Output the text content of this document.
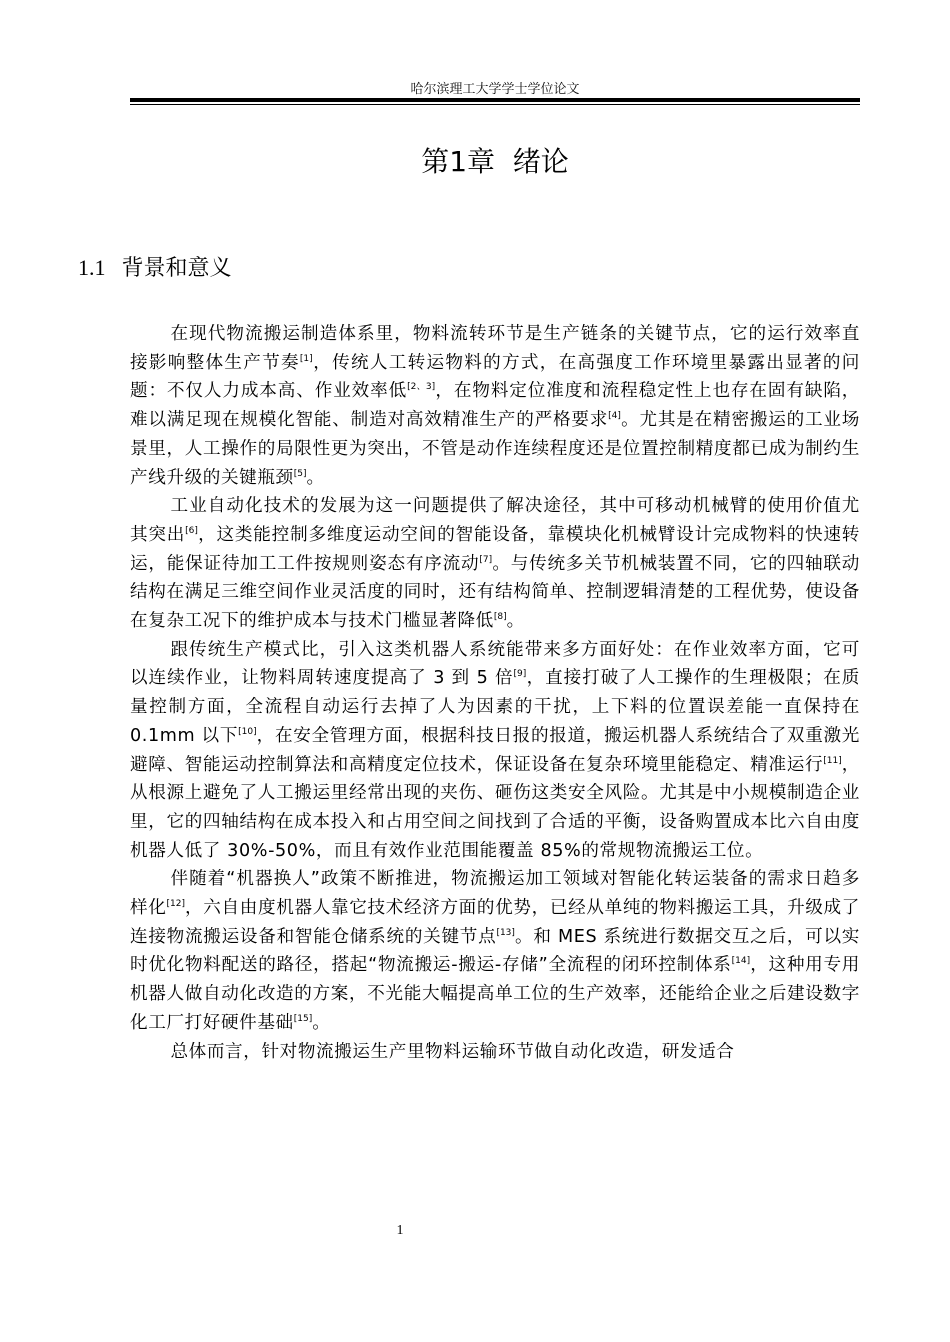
哈尔滨理工大学学士学位论文
第1章  绪论
1.1 背景和意义

在现代物流搬运制造体系里，物料流转环节是生产链条的关键节点，它的运行效率直接影响整体生产节奏[1]，传统人工转运物料的方式，在高强度工作环境里暴露出显著的问题：不仅人力成本高、作业效率低[2、3]，在物料定位准度和流程稳定性上也存在固有缺陷，难以满足现在规模化智能、制造对高效精准生产的严格要求[4]。尤其是在精密搬运的工业场景里，人工操作的局限性更为突出，不管是动作连续程度还是位置控制精度都已成为制约生产线升级的关键瓶颈[5]。

工业自动化技术的发展为这一问题提供了解决途径，其中可移动机械臂的使用价值尤其突出[6]，这类能控制多维度运动空间的智能设备，靠模块化机械臂设计完成物料的快速转运，能保证待加工工件按规则姿态有序流动[7]。与传统多关节机械装置不同，它的四轴联动结构在满足三维空间作业灵活度的同时，还有结构简单、控制逻辑清楚的工程优势，使设备在复杂工况下的维护成本与技术门槛显著降低[8]。

跟传统生产模式比，引入这类机器人系统能带来多方面好处：在作业效率方面，它可以连续作业，让物料周转速度提高了 3 到 5 倍[9]，直接打破了人工操作的生理极限；在质量控制方面，全流程自动运行去掉了人为因素的干扰，上下料的位置误差能一直保持在 0.1mm 以下[10]，在安全管理方面，根据科技日报的报道，搬运机器人系统结合了双重激光避障、智能运动控制算法和高精度定位技术，保证设备在复杂环境里能稳定、精准运行[11]，从根源上避免了人工搬运里经常出现的夹伤、砸伤这类安全风险。尤其是中小规模制造企业里，它的四轴结构在成本投入和占用空间之间找到了合适的平衡，设备购置成本比六自由度机器人低了 30%-50%，而且有效作业范围能覆盖 85%的常规物流搬运工位。

伴随着“机器换人”政策不断推进，物流搬运加工领域对智能化转运装备的需求日趋多样化[12]，六自由度机器人靠它技术经济方面的优势，已经从单纯的物料搬运工具，升级成了连接物流搬运设备和智能仓储系统的关键节点[13]。和 MES 系统进行数据交互之后，可以实时优化物料配送的路径，搭起“物流搬运-搬运-存储”全流程的闭环控制体系[14]，这种用专用机器人做自动化改造的方案，不光能大幅提高单工位的生产效率，还能给企业之后建设数字化工厂打好硬件基础[15]。

总体而言，针对物流搬运生产里物料运输环节做自动化改造，研发适合

1
